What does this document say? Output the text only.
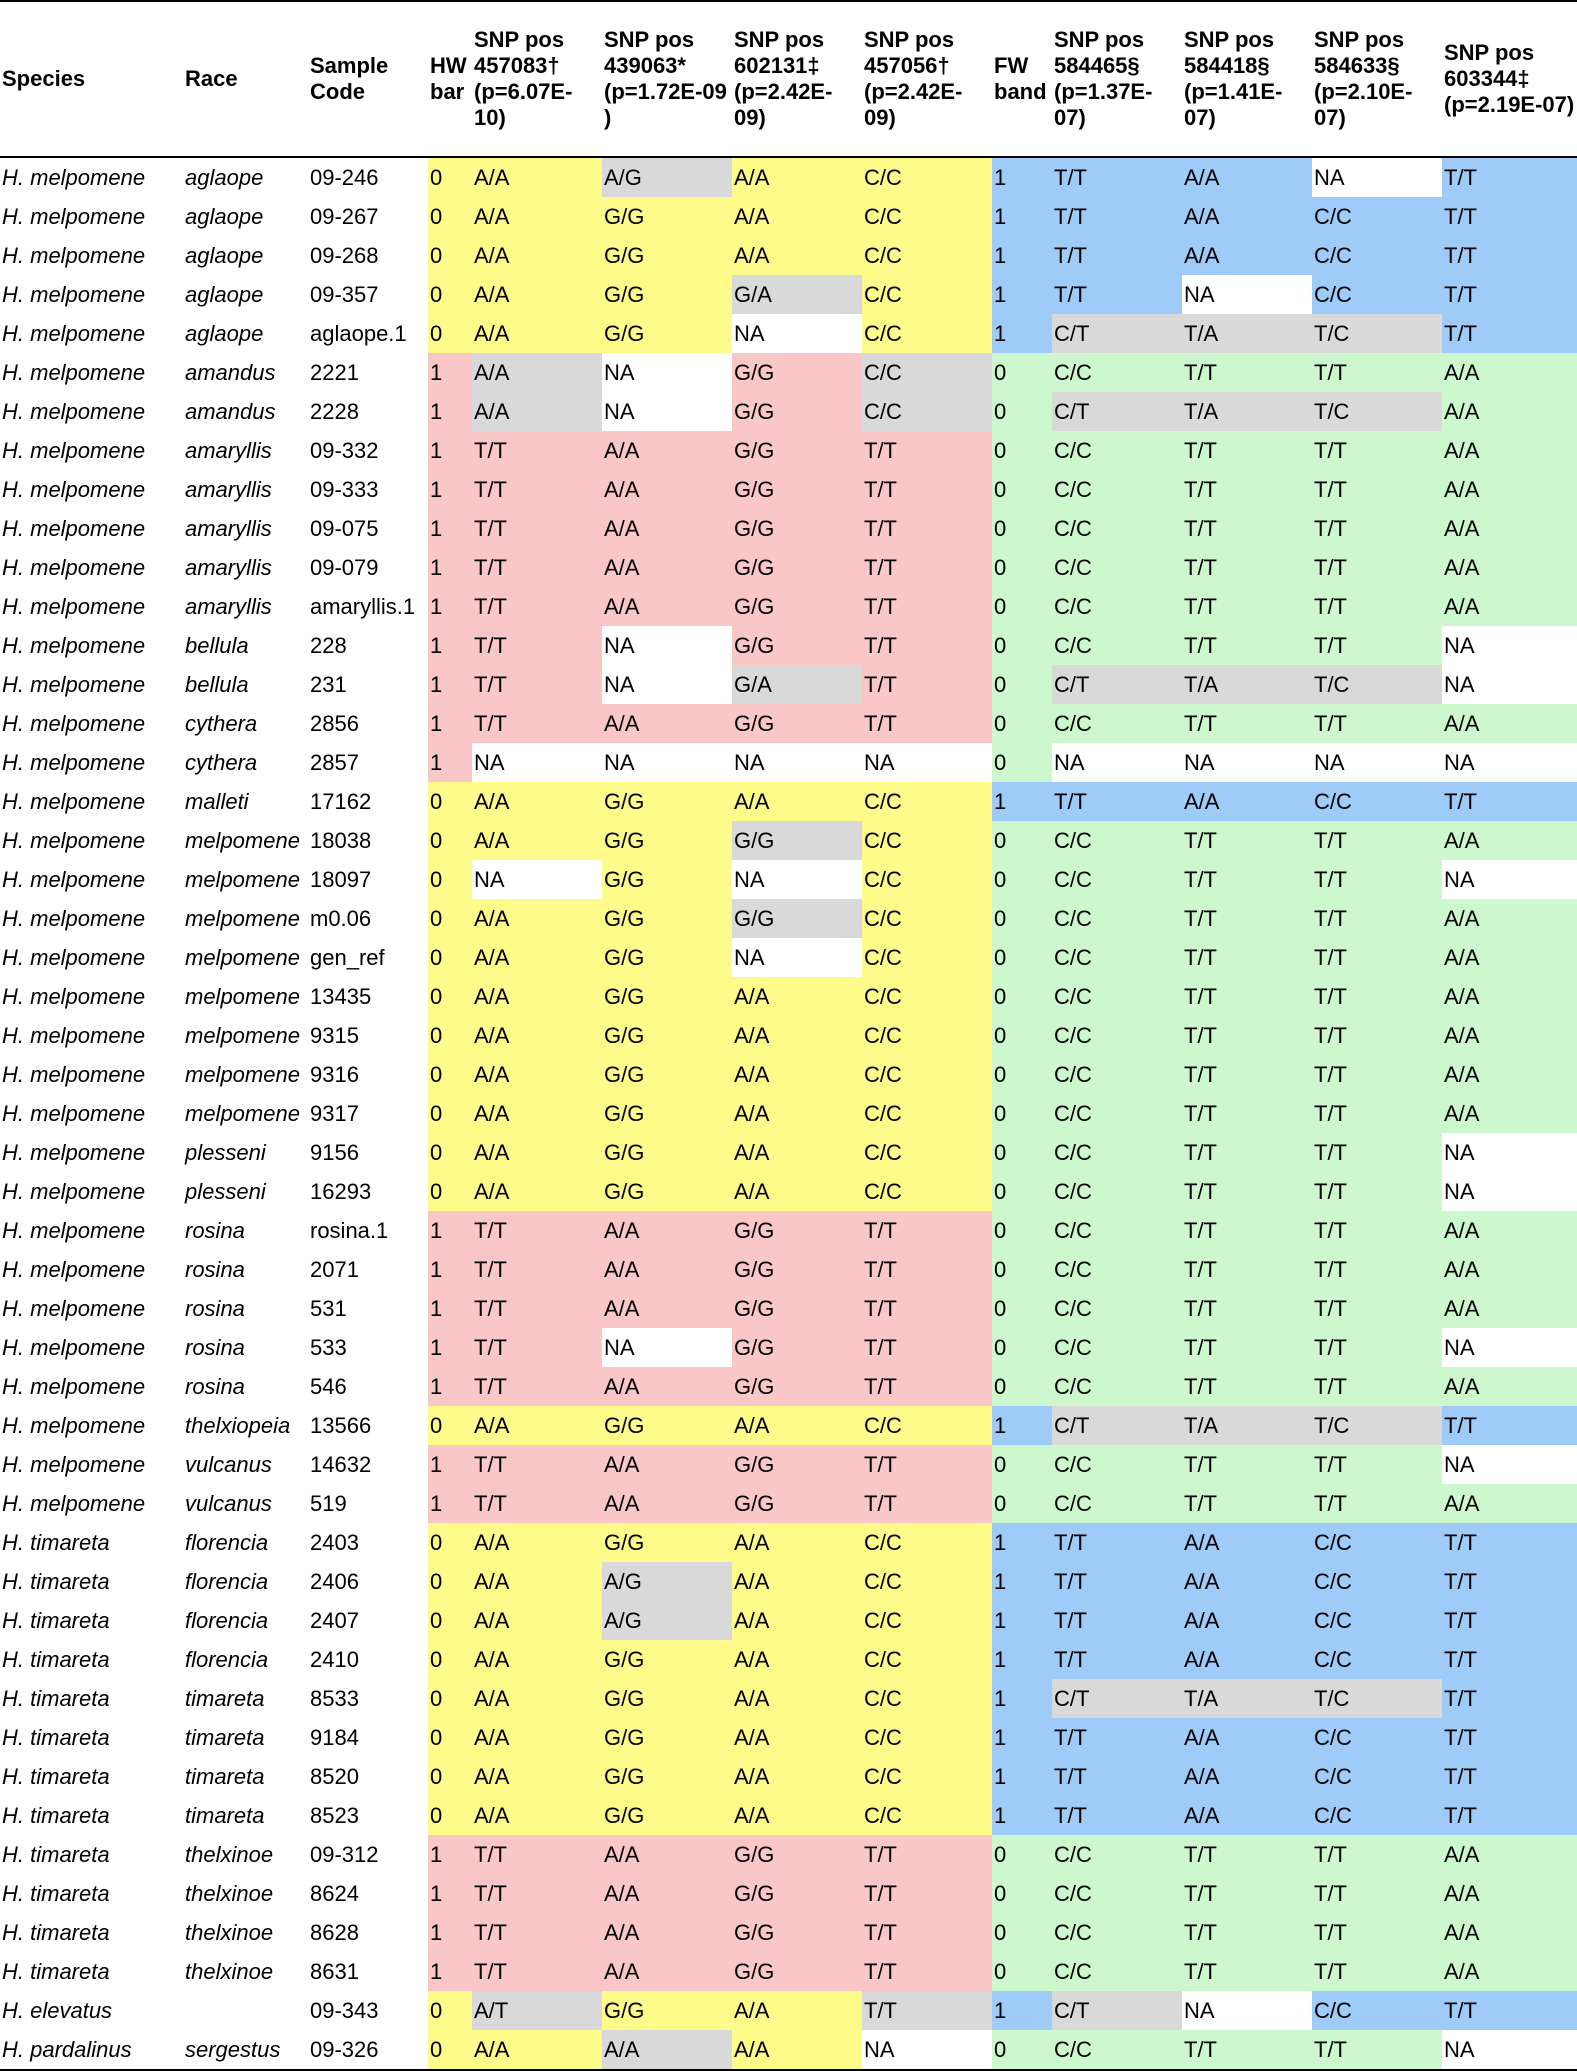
Species	Race	Sample Code	HW bar	SNP pos 457083† (p=6.07E-10)	SNP pos 439063* (p=1.72E-09 )	SNP pos 602131‡ (p=2.42E-09)	SNP pos 457056† (p=2.42E-09)	FW band	SNP pos 584465§ (p=1.37E-07)	SNP pos 584418§ (p=1.41E-07)	SNP pos 584633§ (p=2.10E-07)	SNP pos 603344‡ (p=2.19E-07)
H. melpomene	aglaope	09-246	0	A/A	A/G	A/A	C/C	1	T/T	A/A	NA	T/T
H. melpomene	aglaope	09-267	0	A/A	G/G	A/A	C/C	1	T/T	A/A	C/C	T/T
H. melpomene	aglaope	09-268	0	A/A	G/G	A/A	C/C	1	T/T	A/A	C/C	T/T
H. melpomene	aglaope	09-357	0	A/A	G/G	G/A	C/C	1	T/T	NA	C/C	T/T
H. melpomene	aglaope	aglaope.1	0	A/A	G/G	NA	C/C	1	C/T	T/A	T/C	T/T
H. melpomene	amandus	2221	1	A/A	NA	G/G	C/C	0	C/C	T/T	T/T	A/A
H. melpomene	amandus	2228	1	A/A	NA	G/G	C/C	0	C/T	T/A	T/C	A/A
H. melpomene	amaryllis	09-332	1	T/T	A/A	G/G	T/T	0	C/C	T/T	T/T	A/A
H. melpomene	amaryllis	09-333	1	T/T	A/A	G/G	T/T	0	C/C	T/T	T/T	A/A
H. melpomene	amaryllis	09-075	1	T/T	A/A	G/G	T/T	0	C/C	T/T	T/T	A/A
H. melpomene	amaryllis	09-079	1	T/T	A/A	G/G	T/T	0	C/C	T/T	T/T	A/A
H. melpomene	amaryllis	amaryllis.1	1	T/T	A/A	G/G	T/T	0	C/C	T/T	T/T	A/A
H. melpomene	bellula	228	1	T/T	NA	G/G	T/T	0	C/C	T/T	T/T	NA
H. melpomene	bellula	231	1	T/T	NA	G/A	T/T	0	C/T	T/A	T/C	NA
H. melpomene	cythera	2856	1	T/T	A/A	G/G	T/T	0	C/C	T/T	T/T	A/A
H. melpomene	cythera	2857	1	NA	NA	NA	NA	0	NA	NA	NA	NA
H. melpomene	malleti	17162	0	A/A	G/G	A/A	C/C	1	T/T	A/A	C/C	T/T
H. melpomene	melpomene	18038	0	A/A	G/G	G/G	C/C	0	C/C	T/T	T/T	A/A
H. melpomene	melpomene	18097	0	NA	G/G	NA	C/C	0	C/C	T/T	T/T	NA
H. melpomene	melpomene	m0.06	0	A/A	G/G	G/G	C/C	0	C/C	T/T	T/T	A/A
H. melpomene	melpomene	gen_ref	0	A/A	G/G	NA	C/C	0	C/C	T/T	T/T	A/A
H. melpomene	melpomene	13435	0	A/A	G/G	A/A	C/C	0	C/C	T/T	T/T	A/A
H. melpomene	melpomene	9315	0	A/A	G/G	A/A	C/C	0	C/C	T/T	T/T	A/A
H. melpomene	melpomene	9316	0	A/A	G/G	A/A	C/C	0	C/C	T/T	T/T	A/A
H. melpomene	melpomene	9317	0	A/A	G/G	A/A	C/C	0	C/C	T/T	T/T	A/A
H. melpomene	plesseni	9156	0	A/A	G/G	A/A	C/C	0	C/C	T/T	T/T	NA
H. melpomene	plesseni	16293	0	A/A	G/G	A/A	C/C	0	C/C	T/T	T/T	NA
H. melpomene	rosina	rosina.1	1	T/T	A/A	G/G	T/T	0	C/C	T/T	T/T	A/A
H. melpomene	rosina	2071	1	T/T	A/A	G/G	T/T	0	C/C	T/T	T/T	A/A
H. melpomene	rosina	531	1	T/T	A/A	G/G	T/T	0	C/C	T/T	T/T	A/A
H. melpomene	rosina	533	1	T/T	NA	G/G	T/T	0	C/C	T/T	T/T	NA
H. melpomene	rosina	546	1	T/T	A/A	G/G	T/T	0	C/C	T/T	T/T	A/A
H. melpomene	thelxiopeia	13566	0	A/A	G/G	A/A	C/C	1	C/T	T/A	T/C	T/T
H. melpomene	vulcanus	14632	1	T/T	A/A	G/G	T/T	0	C/C	T/T	T/T	NA
H. melpomene	vulcanus	519	1	T/T	A/A	G/G	T/T	0	C/C	T/T	T/T	A/A
H. timareta	florencia	2403	0	A/A	G/G	A/A	C/C	1	T/T	A/A	C/C	T/T
H. timareta	florencia	2406	0	A/A	A/G	A/A	C/C	1	T/T	A/A	C/C	T/T
H. timareta	florencia	2407	0	A/A	A/G	A/A	C/C	1	T/T	A/A	C/C	T/T
H. timareta	florencia	2410	0	A/A	G/G	A/A	C/C	1	T/T	A/A	C/C	T/T
H. timareta	timareta	8533	0	A/A	G/G	A/A	C/C	1	C/T	T/A	T/C	T/T
H. timareta	timareta	9184	0	A/A	G/G	A/A	C/C	1	T/T	A/A	C/C	T/T
H. timareta	timareta	8520	0	A/A	G/G	A/A	C/C	1	T/T	A/A	C/C	T/T
H. timareta	timareta	8523	0	A/A	G/G	A/A	C/C	1	T/T	A/A	C/C	T/T
H. timareta	thelxinoe	09-312	1	T/T	A/A	G/G	T/T	0	C/C	T/T	T/T	A/A
H. timareta	thelxinoe	8624	1	T/T	A/A	G/G	T/T	0	C/C	T/T	T/T	A/A
H. timareta	thelxinoe	8628	1	T/T	A/A	G/G	T/T	0	C/C	T/T	T/T	A/A
H. timareta	thelxinoe	8631	1	T/T	A/A	G/G	T/T	0	C/C	T/T	T/T	A/A
H. elevatus		09-343	0	A/T	G/G	A/A	T/T	1	C/T	NA	C/C	T/T
H. pardalinus	sergestus	09-326	0	A/A	A/A	A/A	NA	0	C/C	T/T	T/T	NA
